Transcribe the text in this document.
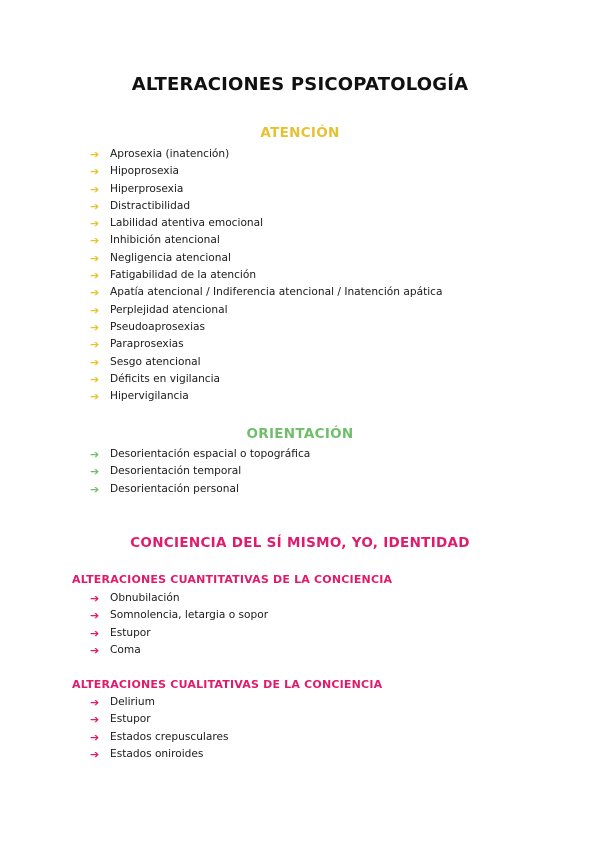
ALTERACIONES PSICOPATOLOGÍA
ATENCIÓN
➔	Aprosexia (inatención)
➔	Hipoprosexia
➔	Hiperprosexia
➔	Distractibilidad
➔	Labilidad atentiva emocional
➔	Inhibición atencional
➔	Negligencia atencional
➔	Fatigabilidad de la atención
➔	Apatía atencional / Indiferencia atencional / Inatención apática
➔	Perplejidad atencional
➔	Pseudoaprosexias
➔	Paraprosexias
➔	Sesgo atencional
➔	Déficits en vigilancia
➔	Hipervigilancia
ORIENTACIÓN
➔	Desorientación espacial o topográfica
➔	Desorientación temporal
➔	Desorientación personal
CONCIENCIA DEL SÍ MISMO, YO, IDENTIDAD
ALTERACIONES CUANTITATIVAS DE LA CONCIENCIA
➔	Obnubilación
➔	Somnolencia, letargia o sopor
➔	Estupor
➔	Coma
ALTERACIONES CUALITATIVAS DE LA CONCIENCIA
➔	Delirium
➔	Estupor
➔	Estados crepusculares
➔	Estados oniroides
